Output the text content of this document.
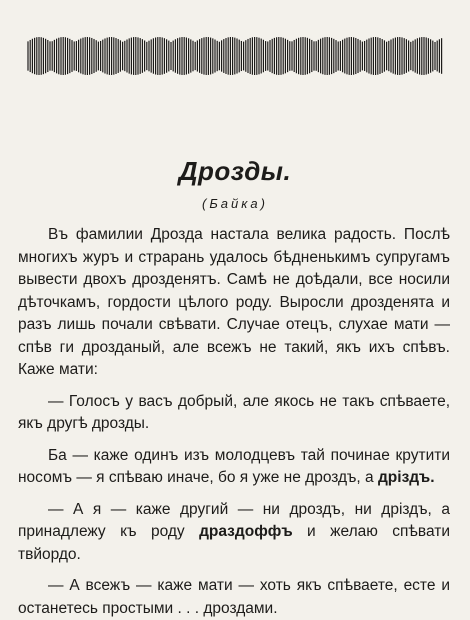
Дрозды.
(Байка)

Въ фамилии Дрозда настала велика радость. Послѣ многихъ журъ и страрань удалось бѣдненькимъ супругамъ вывести двохъ дрозденятъ. Самѣ не доѣдали, все носили дѣточкамъ, гордости цѣлого роду. Выросли дрозденята и разъ лишь почали свѣвати. Случае отецъ, слухае мати — спѣв ги дрозданый, але всежъ не такий, якъ ихъ спѣвъ. Каже мати:

— Голосъ у васъ добрый, але якось не такъ спѣваете, якъ другѣ дрозды.

Ба — каже одинъ изъ молодцевъ тай починае крутити носомъ — я спѣваю иначе, бо я уже не дроздъ, а дріздъ.

— А я — каже другий — ни дроздъ, ни дріздъ, а принадлежу къ роду драздоффъ и желаю спѣвати твйордо.

— А всежъ — каже мати — хоть якъ спѣваете, есте и останетесь простыми . . . дроздами.
